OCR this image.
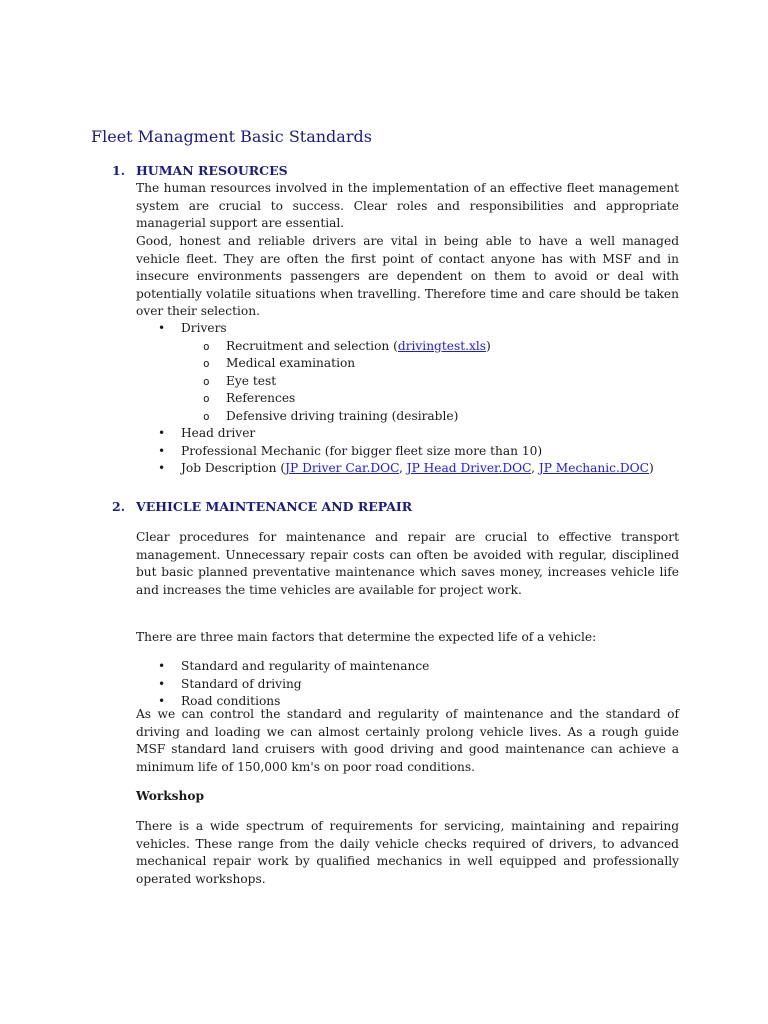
Fleet Managment Basic Standards
1. HUMAN RESOURCES

The human resources involved in the implementation of an effective fleet management system are crucial to success. Clear roles and responsibilities and appropriate managerial support are essential.

Good, honest and reliable drivers are vital in being able to have a well managed vehicle fleet. They are often the first point of contact anyone has with MSF and in insecure environments passengers are dependent on them to avoid or deal with potentially volatile situations when travelling. Therefore time and care should be taken over their selection.

• Drivers
o Recruitment and selection (drivingtest.xls)
o Medical examination
o Eye test
o References
o Defensive driving training (desirable)
• Head driver
• Professional Mechanic (for bigger fleet size more than 10)
• Job Description (JP Driver Car.DOC, JP Head Driver.DOC, JP Mechanic.DOC)
2. VEHICLE MAINTENANCE AND REPAIR

Clear procedures for maintenance and repair are crucial to effective transport management. Unnecessary repair costs can often be avoided with regular, disciplined but basic planned preventative maintenance which saves money, increases vehicle life and increases the time vehicles are available for project work.

There are three main factors that determine the expected life of a vehicle:

• Standard and regularity of maintenance
• Standard of driving
• Road conditions

As we can control the standard and regularity of maintenance and the standard of driving and loading we can almost certainly prolong vehicle lives. As a rough guide MSF standard land cruisers with good driving and good maintenance can achieve a minimum life of 150,000 km's on poor road conditions.

Workshop

There is a wide spectrum of requirements for servicing, maintaining and repairing vehicles. These range from the daily vehicle checks required of drivers, to advanced mechanical repair work by qualified mechanics in well equipped and professionally operated workshops.
